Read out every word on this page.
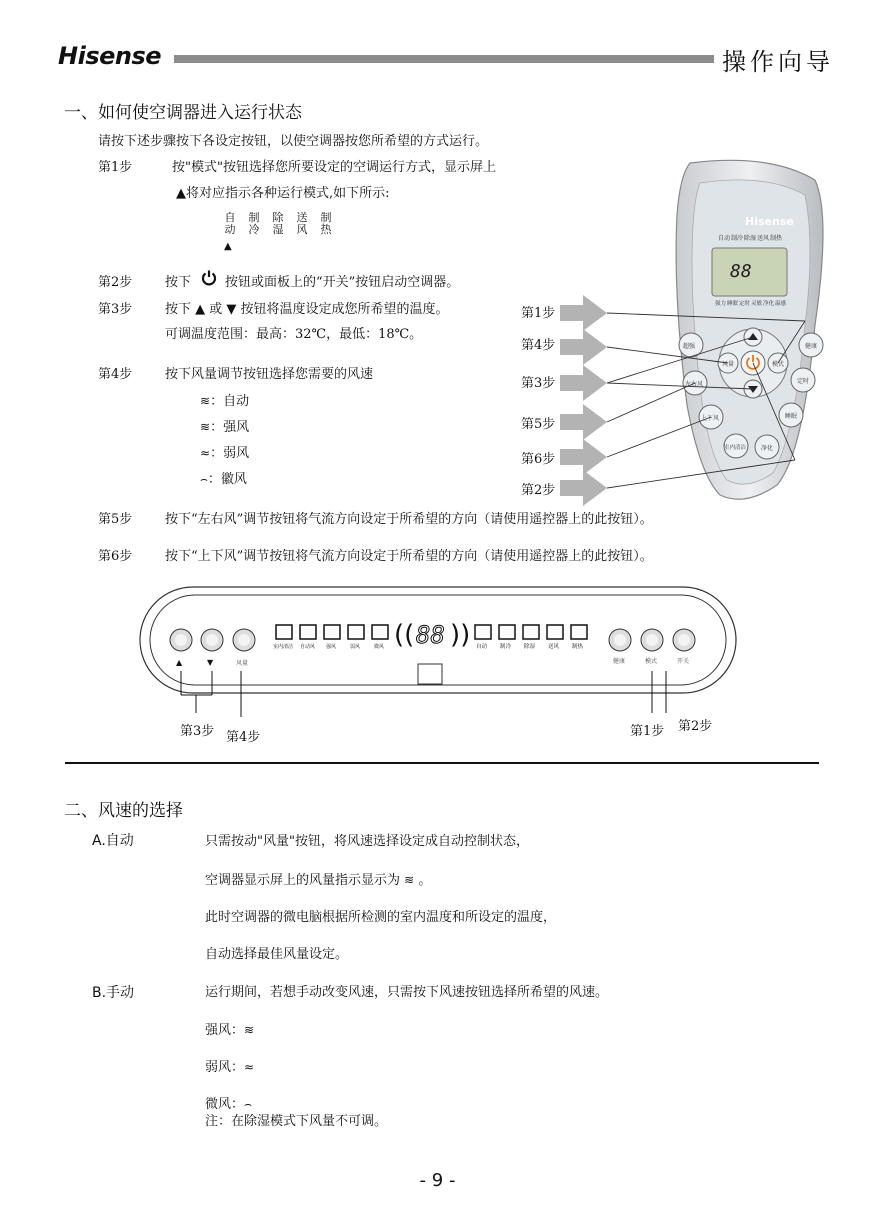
Hisense	操作向导
一、如何使空调器进入运行状态
请按下述步骤按下各设定按钮，以使空调器按您所希望的方式运行。
第1步	按"模式"按钮选择您所要设定的空调运行方式，显示屏上
▲将对应指示各种运行模式,如下所示:
自
动制
冷除
湿送
风制
热
▲
第2步	按下	按钮或面板上的“开关”按钮启动空调器。
第3步	按下 ▲ 或 ▼ 按钮将温度设定成您所希望的温度。
可调温度范围：最高：32℃，最低：18℃。
第4步	按下风量调节按钮选择您需要的风速
≋：自动
≋：强风
≈：弱风
⌢：徽风
第5步	按下“左右风”调节按钮将气流方向设定于所希望的方向（请使用遥控器上的此按钮）。
第6步	按下“上下风”调节按钮将气流方向设定于所希望的方向（请使用遥控器上的此按钮）。
Hisense
自动 制冷 除湿 送风 制热
88
强力 睡眠 定时 灵敏 净化 温感
风量	模式
超强
左右风
上下风
室内清洁 净化
睡眠
定时
健康
第1步
第4步
第3步
第5步
第6步
第2步
▲	▼	风量
室内清洁 自动风 强风	弱风	微风 (( 88 )) 自动 制冷 除湿 送风 制热
健康	模式	开关
第3步 第4步	第1步 第2步
二、风速的选择
A.自动	只需按动"风量"按钮，将风速选择设定成自动控制状态，
空调器显示屏上的风量指示显示为 ≋ 。
此时空调器的微电脑根据所检测的室内温度和所设定的温度，
自动选择最佳风量设定。
B.手动	运行期间，若想手动改变风速，只需按下风速按钮选择所希望的风速。
强风：≋
弱风：≈
微风：⌢
注：在除湿模式下风量不可调。
- 9 -
